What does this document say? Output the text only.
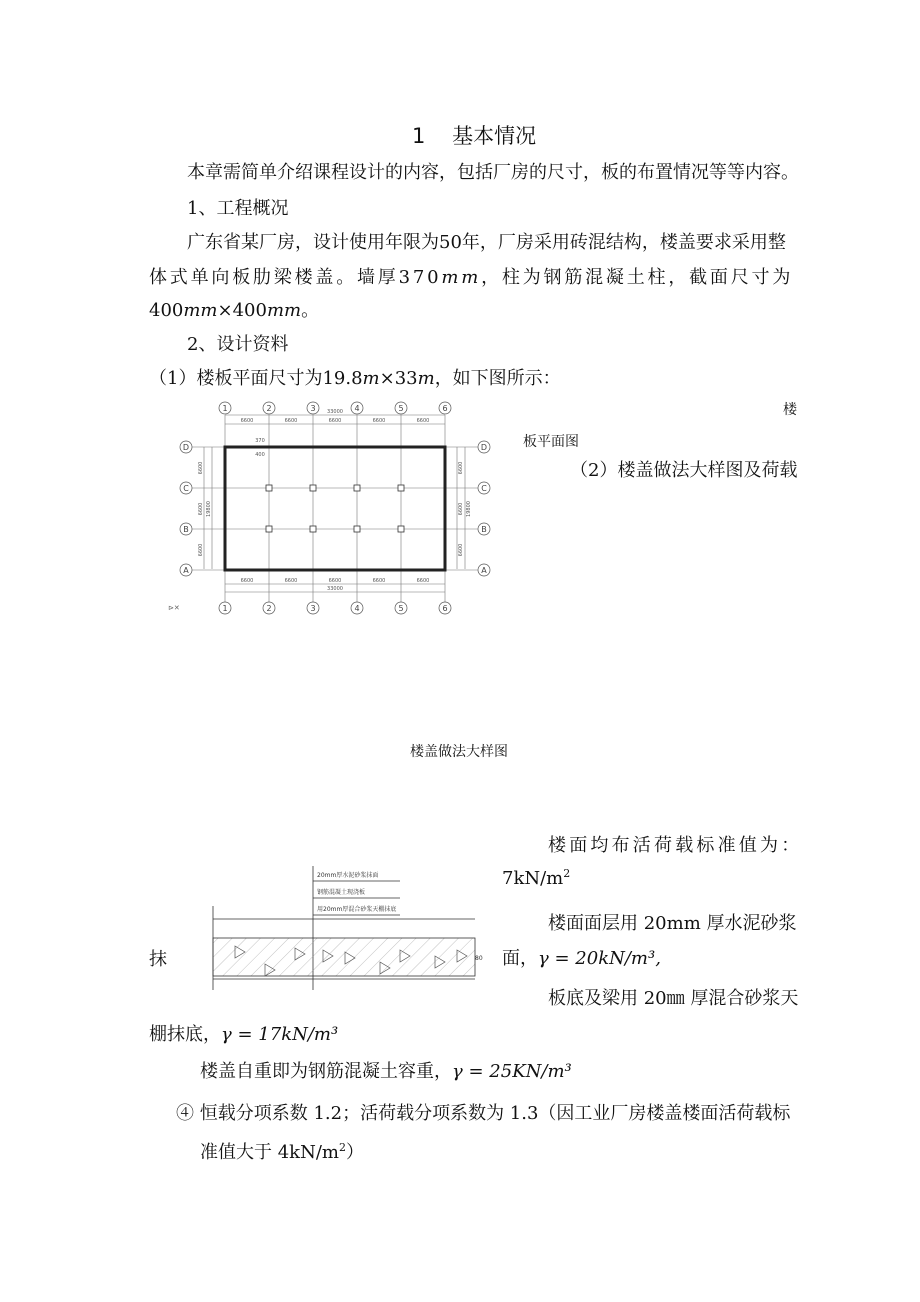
1 基本情况
本章需简单介绍课程设计的内容，包括厂房的尺寸，板的布置情况等等内容。
1、工程概况
广东省某厂房，设计使用年限为50年，厂房采用砖混结构，楼盖要求采用整
体式单向板肋梁楼盖。墙厚370mm，柱为钢筋混凝土柱，截面尺寸为
400mm×400mm。
2、设计资料
（1）楼板平面尺寸为19.8m×33m，如下图所示：
1	2	3	4	5	6
1	2	3	4	5	6
A
B
C
D
A
B
C
D
33000
6600	6600	6600	6600	6600
6600	6600	6600	6600	6600
33000
370
400
6600
6600
6600
19800
6600
6600
6600
19800
⊳✕
楼
板平面图
（2）楼盖做法大样图及荷载
楼盖做法大样图
20mm厚水泥砂浆抹面
钢筋混凝土现浇板
用20mm厚混合砂浆天棚抹底
80
楼面均布活荷载标准值为：
$7kN/m^2$
楼面面层用 20mm 厚水泥砂浆
抹	面，γ = 20kN/m³,
板底及梁用 20㎜ 厚混合砂浆天
棚抹底，γ = 17kN/m³
楼盖自重即为钢筋混凝土容重，γ = 25KN/m³
④ 恒载分项系数 1.2；活荷载分项系数为 1.3（因工业厂房楼盖楼面活荷载标
准值大于 $4kN/m^2$）
